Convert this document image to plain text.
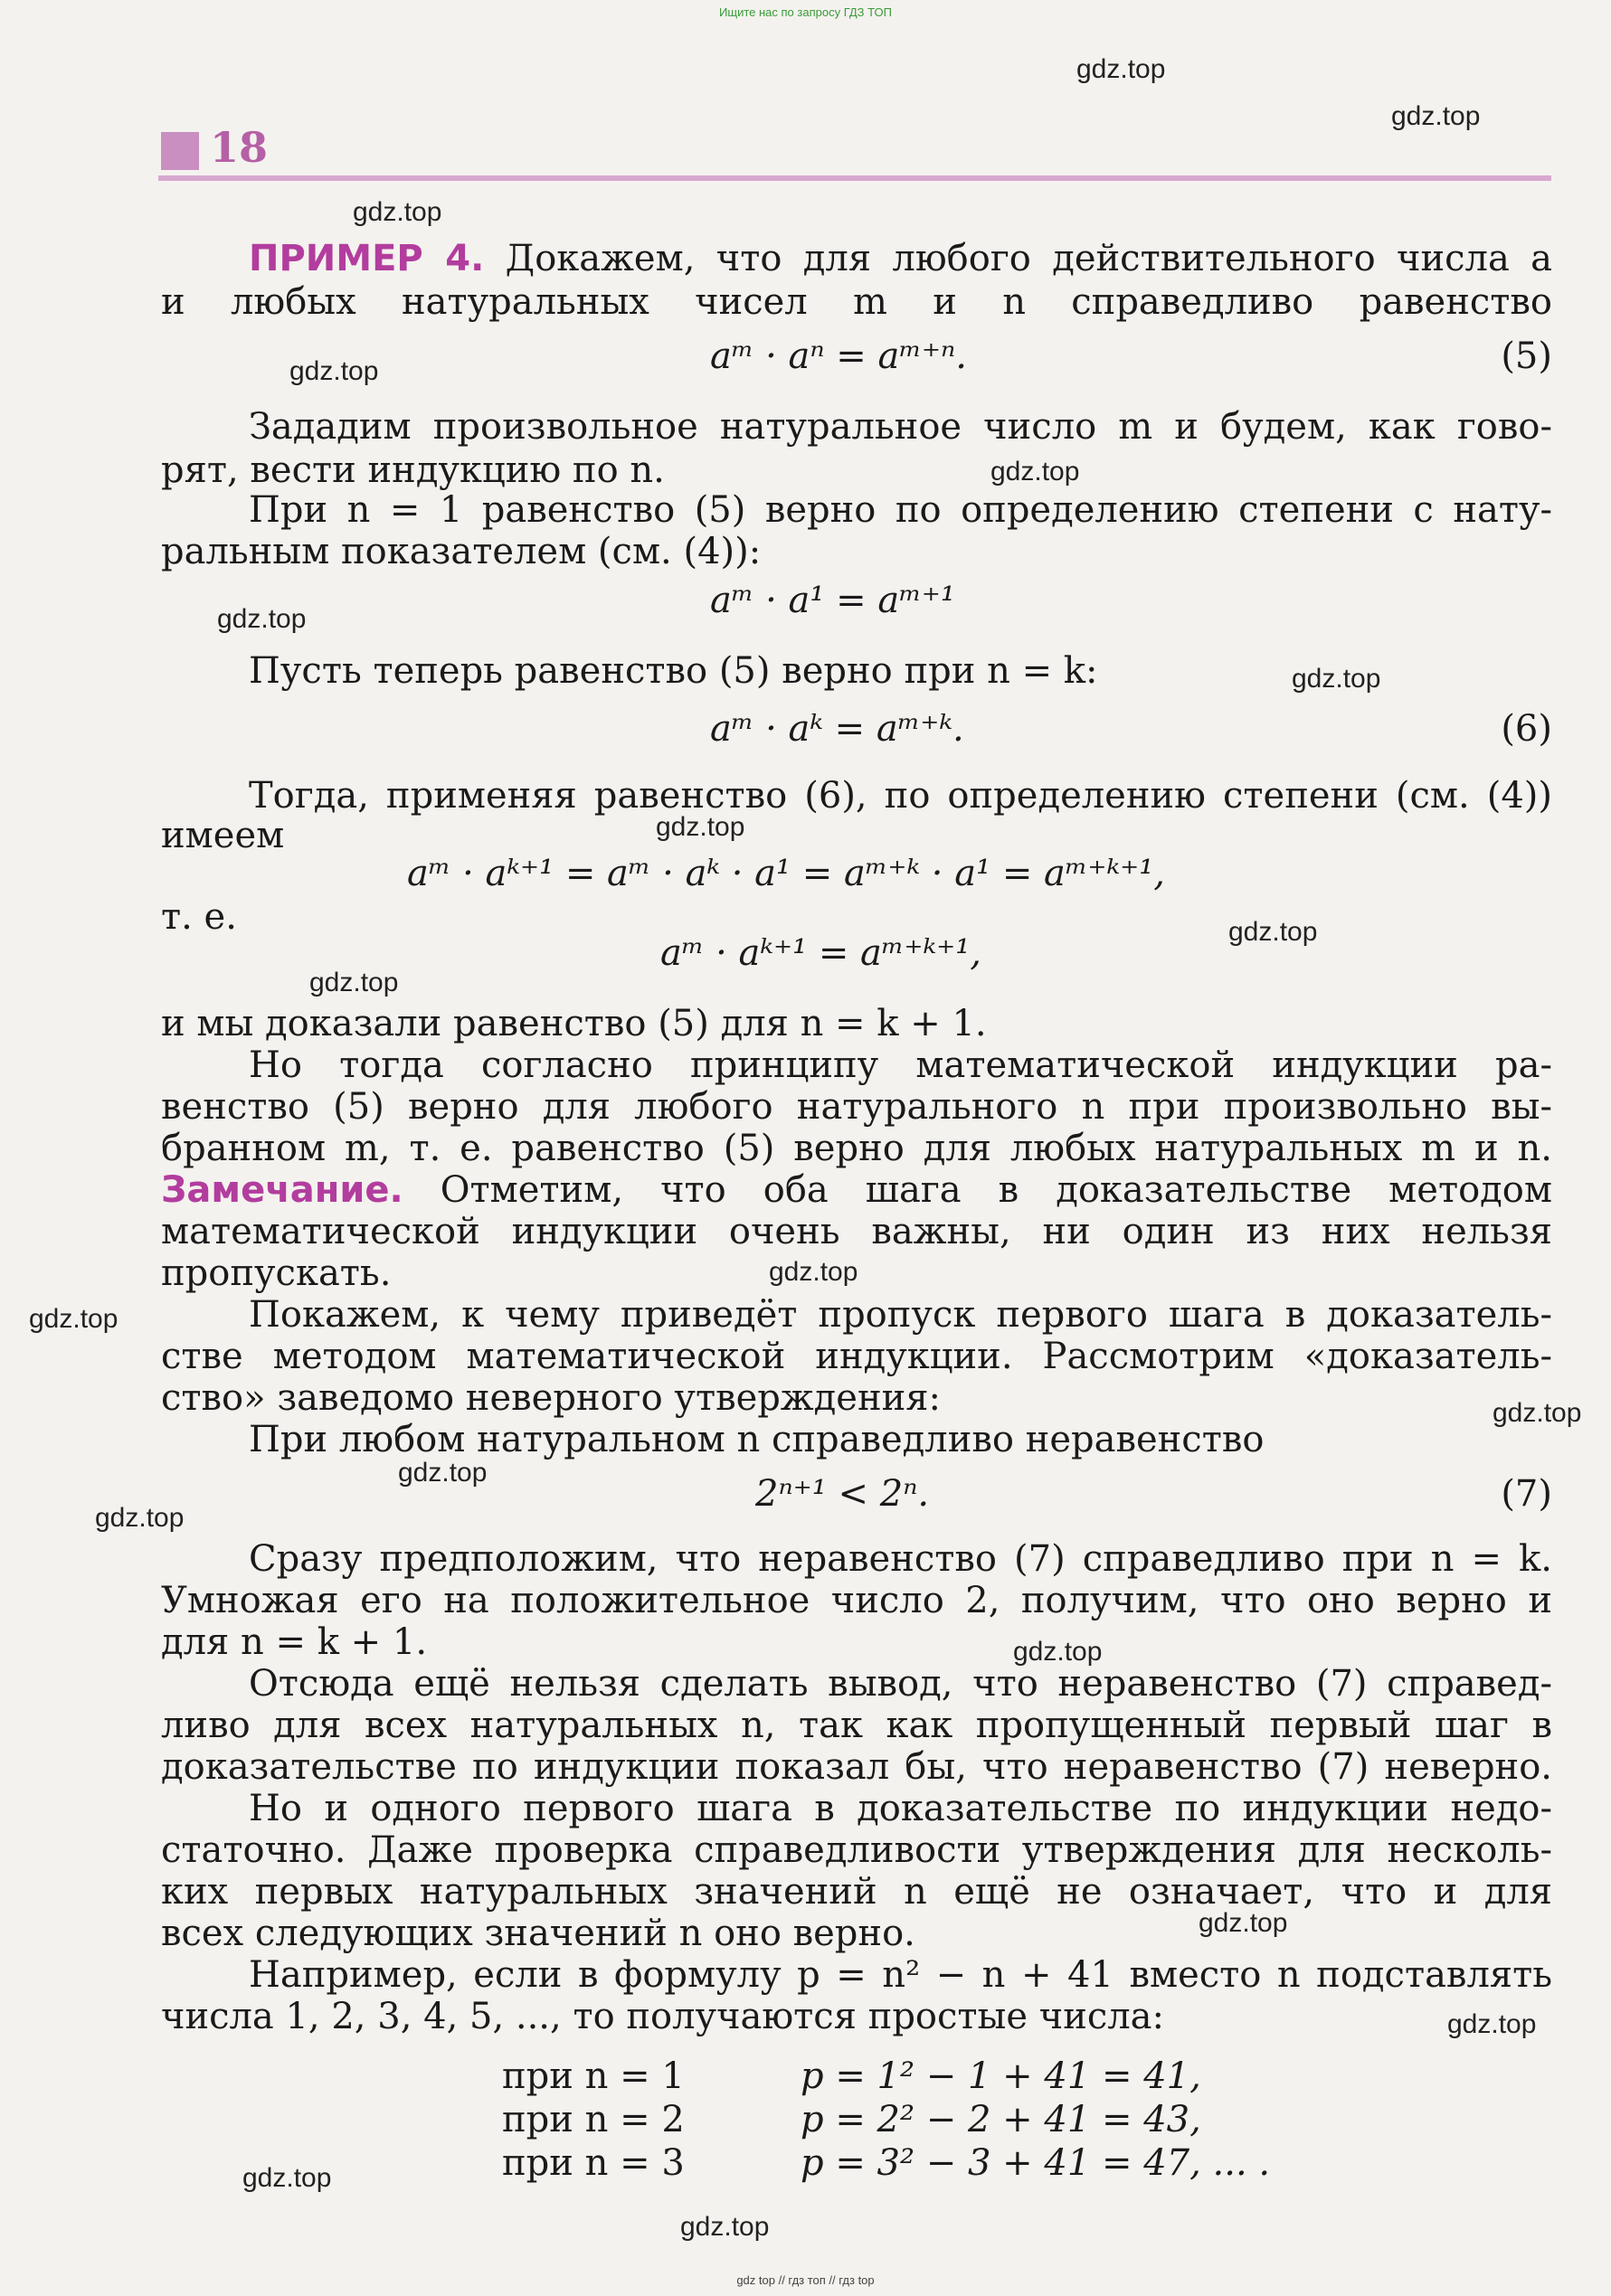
Ищите нас по запросу ГДЗ ТОП
18
ПРИМЕР 4. Докажем, что для любого действительного числа a
и любых натуральных чисел m и n справедливо равенство
aᵐ · aⁿ = aᵐ⁺ⁿ.	(5)
Зададим произвольное натуральное число m и будем, как гово-
рят, вести индукцию по n.
При n = 1 равенство (5) верно по определению степени с нату-
ральным показателем (см. (4)):
aᵐ · a¹ = aᵐ⁺¹
Пусть теперь равенство (5) верно при n = k:
aᵐ · aᵏ = aᵐ⁺ᵏ.	(6)
Тогда, применяя равенство (6), по определению степени (см. (4))
имеем
aᵐ · aᵏ⁺¹ = aᵐ · aᵏ · a¹ = aᵐ⁺ᵏ · a¹ = aᵐ⁺ᵏ⁺¹,
т. е.
aᵐ · aᵏ⁺¹ = aᵐ⁺ᵏ⁺¹,
и мы доказали равенство (5) для n = k + 1.
Но тогда согласно принципу математической индукции ра-
венство (5) верно для любого натурального n при произвольно вы-
бранном m, т. е. равенство (5) верно для любых натуральных m и n.
Замечание. Отметим, что оба шага в доказательстве методом
математической индукции очень важны, ни один из них нельзя
пропускать.
Покажем, к чему приведёт пропуск первого шага в доказатель-
стве методом математической индукции. Рассмотрим «доказатель-
ство» заведомо неверного утверждения:
При любом натуральном n справедливо неравенство
2ⁿ⁺¹ < 2ⁿ.	(7)
Сразу предположим, что неравенство (7) справедливо при n = k.
Умножая его на положительное число 2, получим, что оно верно и
для n = k + 1.
Отсюда ещё нельзя сделать вывод, что неравенство (7) справед-
ливо для всех натуральных n, так как пропущенный первый шаг в
доказательстве по индукции показал бы, что неравенство (7) неверно.
Но и одного первого шага в доказательстве по индукции недо-
статочно. Даже проверка справедливости утверждения для несколь-
ких первых натуральных значений n ещё не означает, что и для
всех следующих значений n оно верно.
Например, если в формулу p = n² − n + 41 вместо n подставлять
числа 1, 2, 3, 4, 5, ..., то получаются простые числа:
при n = 1	p = 1² − 1 + 41 = 41,
при n = 2	p = 2² − 2 + 41 = 43,
при n = 3	p = 3² − 3 + 41 = 47, ... .
gdz.top
gdz.top
gdz.top
gdz.top
gdz.top
gdz.top
gdz.top
gdz.top
gdz.top
gdz.top
gdz.top
gdz.top
gdz.top
gdz.top
gdz.top
gdz.top
gdz.top
gdz.top
gdz.top
gdz.top
gdz top // гдз топ // гдз top
